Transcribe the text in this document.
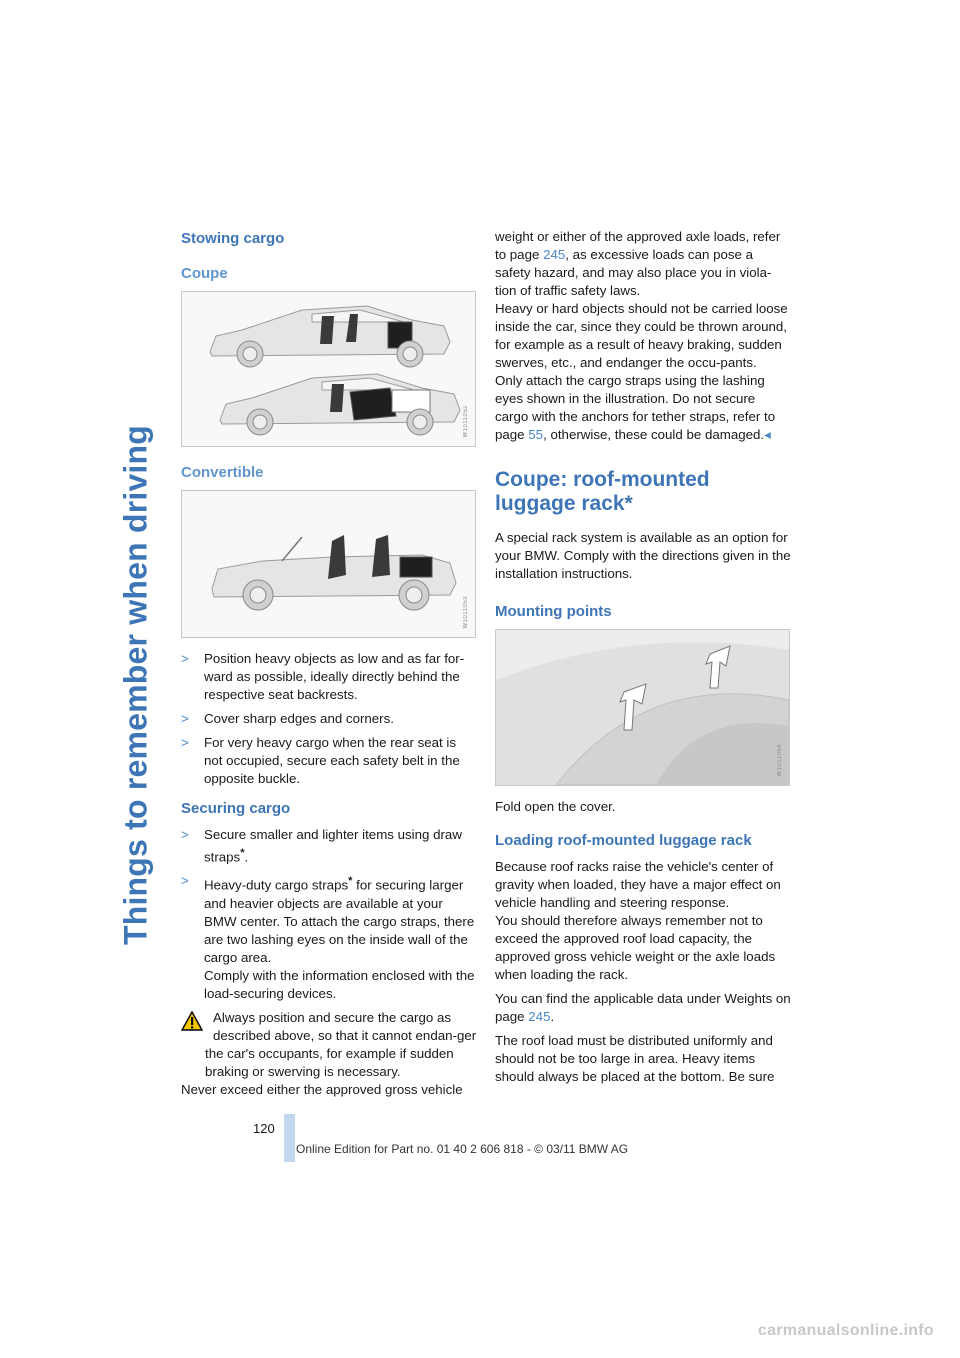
Things to remember when driving
Stowing cargo
Coupe
W1011052
Convertible
W1011053
> Position heavy objects as low and as far for-ward as possible, ideally directly behind the respective seat backrests.
> Cover sharp edges and corners.
> For very heavy cargo when the rear seat is not occupied, secure each safety belt in the opposite buckle.
Securing cargo
> Secure smaller and lighter items using draw straps*.
> Heavy-duty cargo straps* for securing larger and heavier objects are available at your BMW center. To attach the cargo straps, there are two lashing eyes on the inside wall of the cargo area.
Comply with the information enclosed with the load-securing devices.
Always position and secure the cargo as described above, so that it cannot endan-ger the car's occupants, for example if sudden braking or swerving is necessary.
Never exceed either the approved gross vehicle

weight or either of the approved axle loads, refer to page 245, as excessive loads can pose a safety hazard, and may also place you in viola-tion of traffic safety laws.

Heavy or hard objects should not be carried loose inside the car, since they could be thrown around, for example as a result of heavy braking, sudden swerves, etc., and endanger the occu-pants.

Only attach the cargo straps using the lashing eyes shown in the illustration. Do not secure cargo with the anchors for tether straps, refer to page 55, otherwise, these could be damaged.◂

Coupe: roof-mounted luggage rack*

A special rack system is available as an option for your BMW. Comply with the directions given in the installation instructions.

Mounting points
W1011054

Fold open the cover.

Loading roof-mounted luggage rack

Because roof racks raise the vehicle's center of gravity when loaded, they have a major effect on vehicle handling and steering response.

You should therefore always remember not to exceed the approved roof load capacity, the approved gross vehicle weight or the axle loads when loading the rack.

You can find the applicable data under Weights on page 245.

The roof load must be distributed uniformly and should not be too large in area. Heavy items should always be placed at the bottom. Be sure

120
Online Edition for Part no. 01 40 2 606 818 - © 03/11 BMW AG
carmanualsonline.info
